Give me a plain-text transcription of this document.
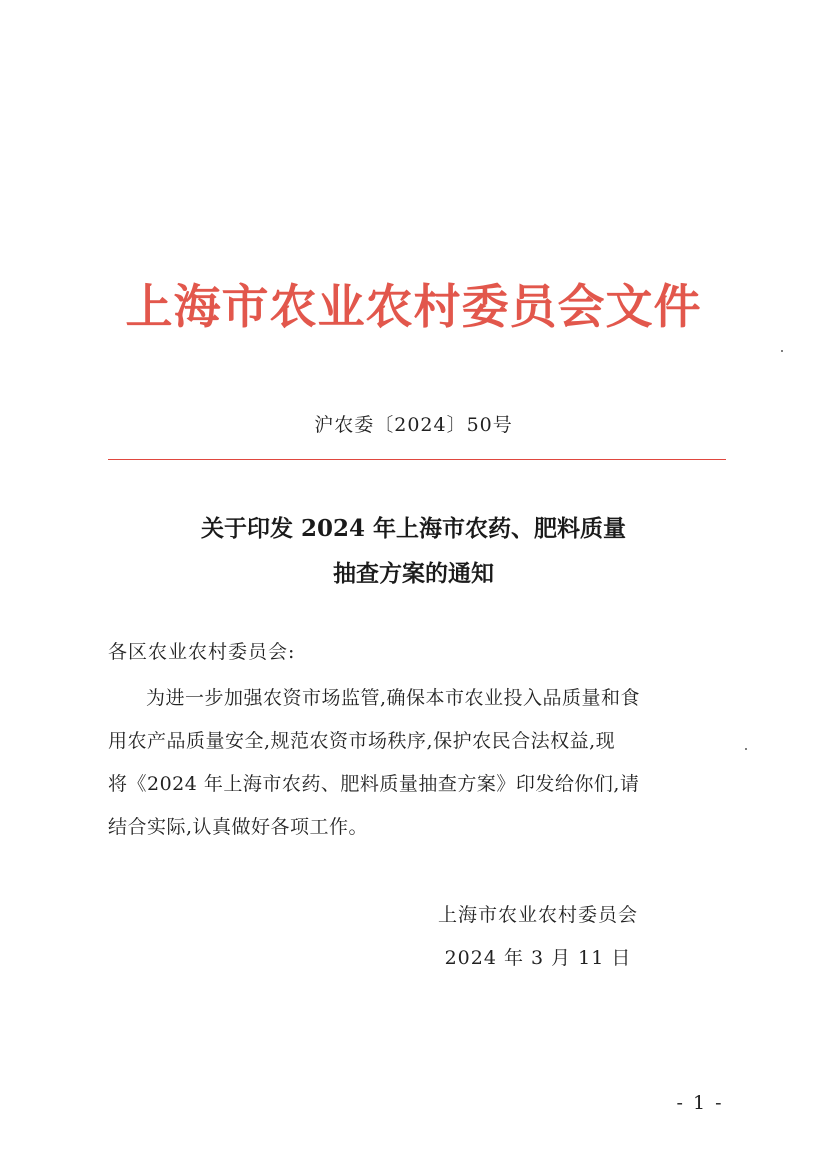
上海市农业农村委员会文件
沪农委〔2024〕50号
关于印发 2024 年上海市农药、肥料质量
抽查方案的通知
各区农业农村委员会:
为进一步加强农资市场监管,确保本市农业投入品质量和食
用农产品质量安全,规范农资市场秩序,保护农民合法权益,现
将《2024 年上海市农药、肥料质量抽查方案》印发给你们,请
结合实际,认真做好各项工作。
上海市农业农村委员会
2024 年 3 月 11 日
- 1 -
